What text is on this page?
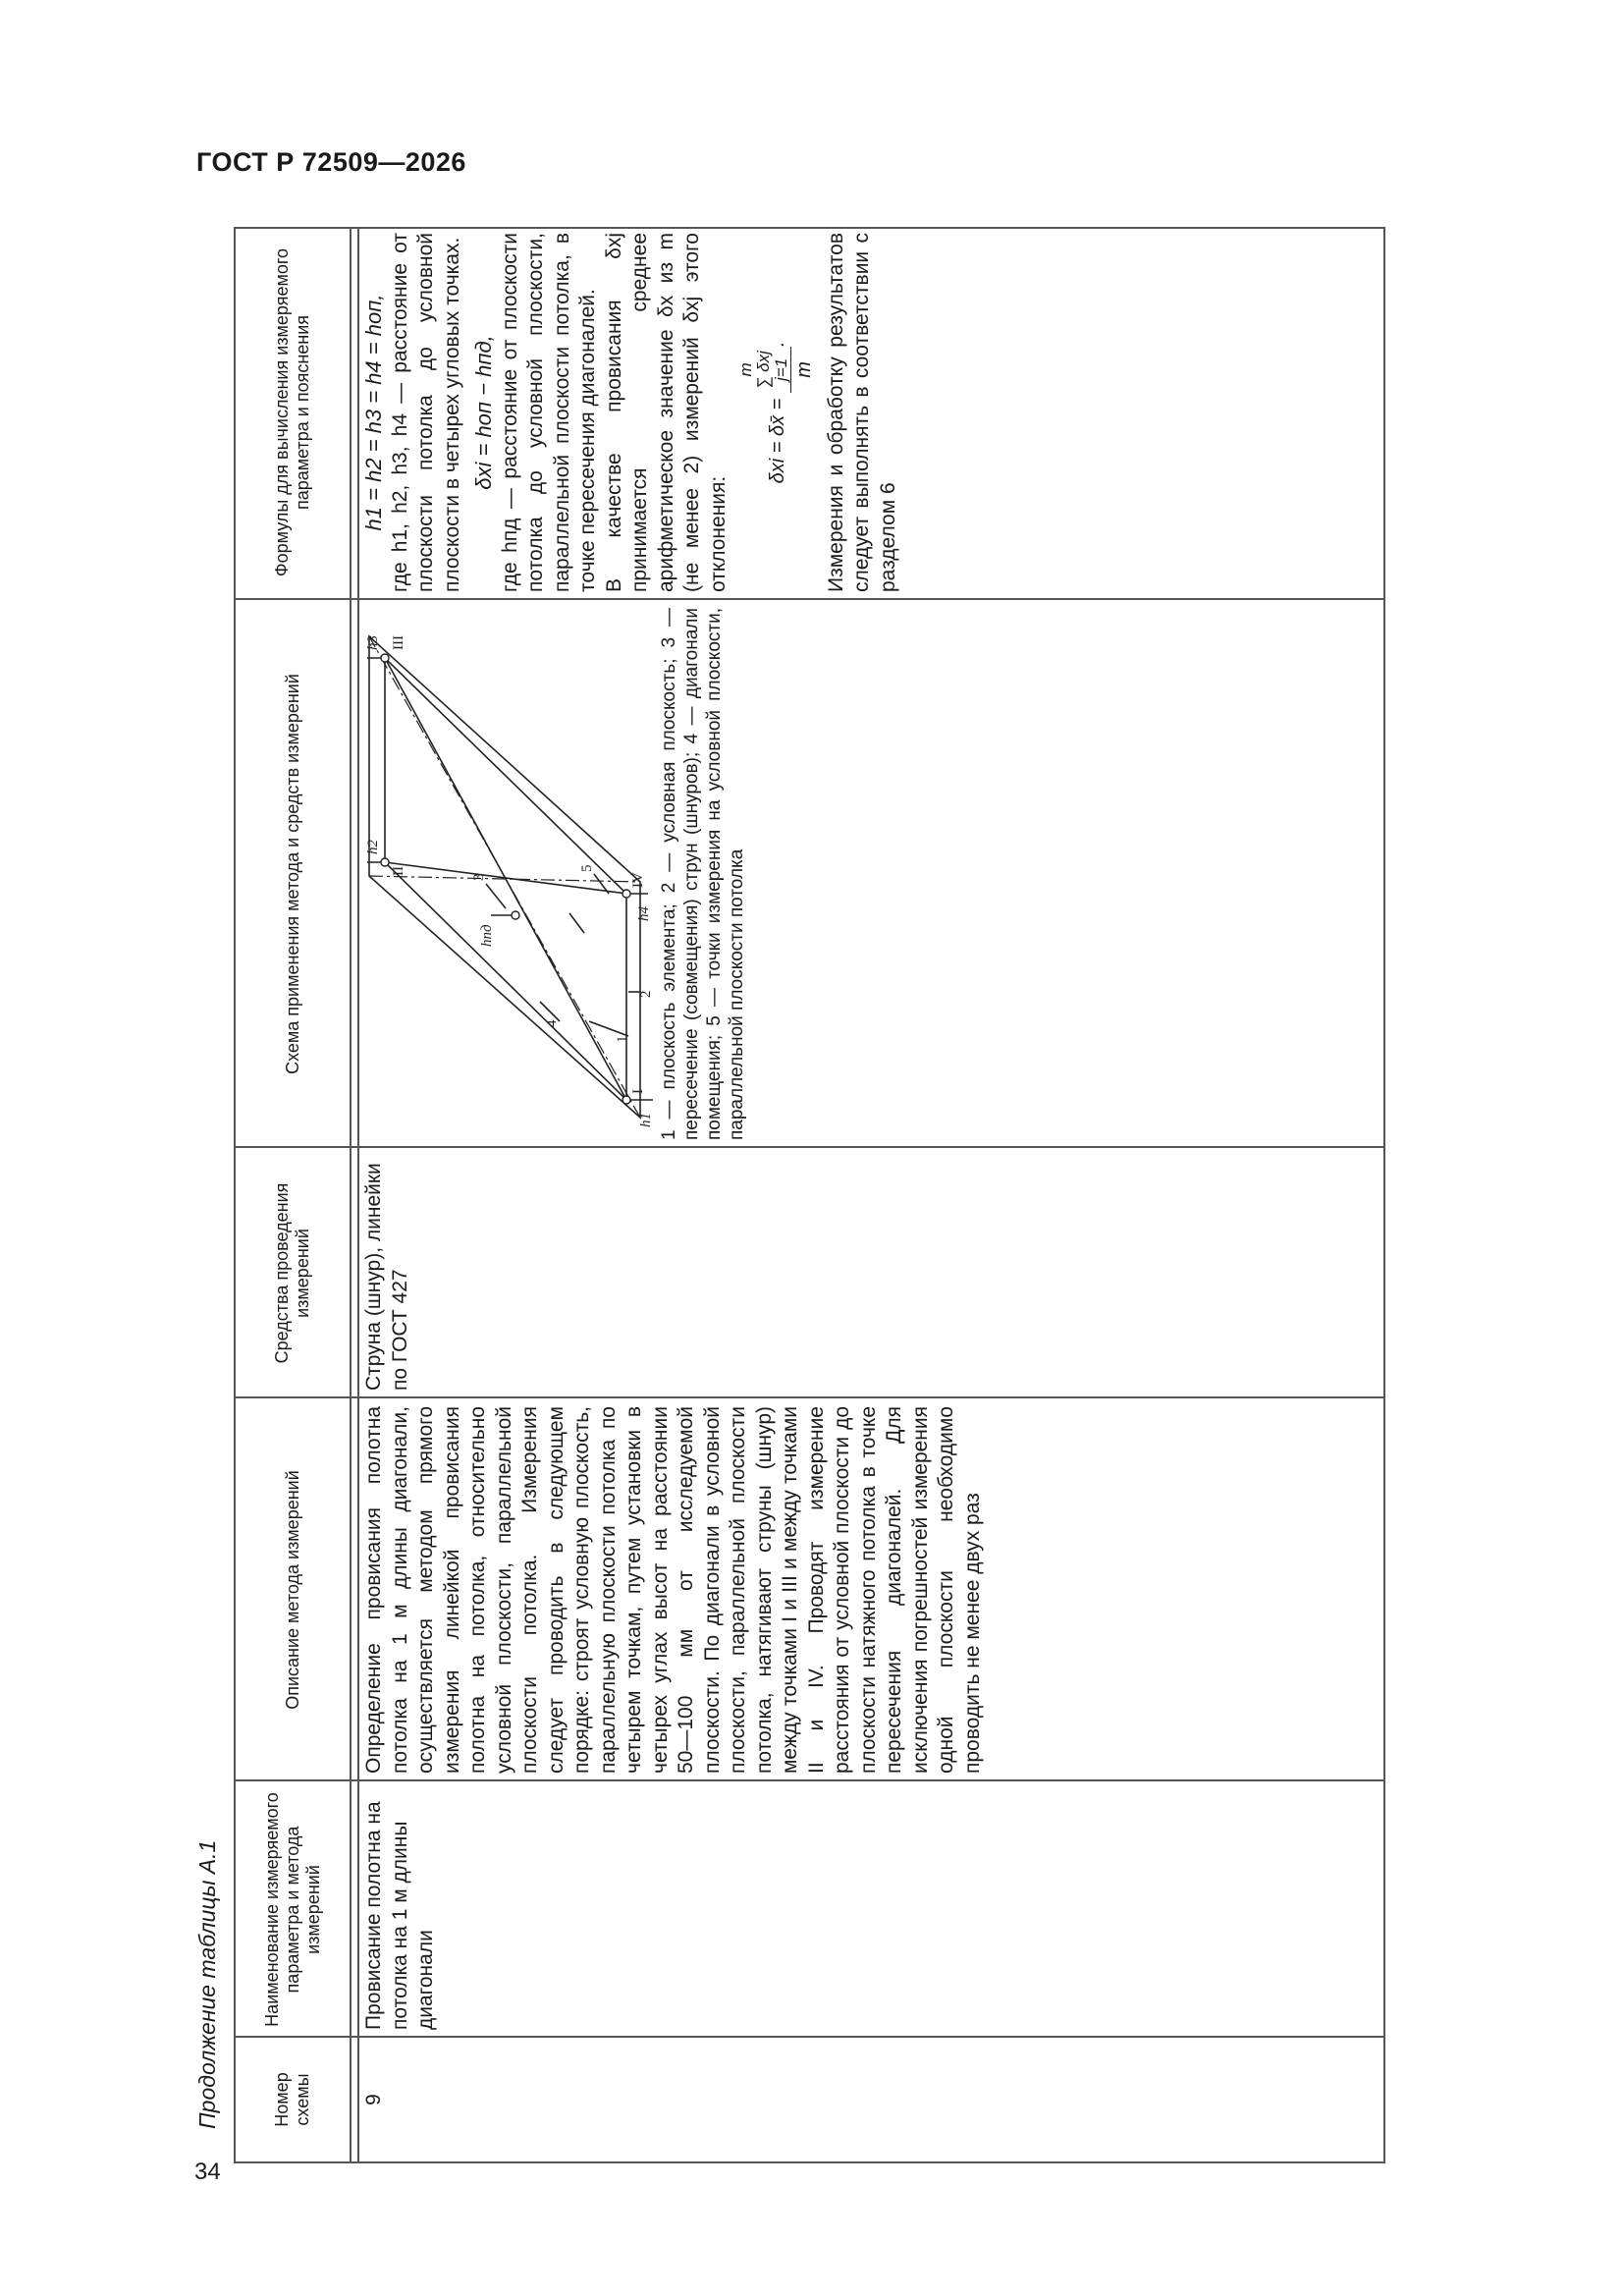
ГОСТ Р 72509—2026
34
Продолжение таблицы А.1	Номер схемы
Наименование измеряемого параметра и метода измерений
Описание метода измерений
Средства проведения измерений
Схема применения метода и средств измерений
Формулы для вычисления измеряемого параметра и пояснения
9
Провисание полотна на потолка на 1 м длины диагонали
Определение провисания полотна потолка на 1 м длины диагонали, осуществляется методом прямого измерения линейкой провисания полотна на потолка, относительно условной плоскости, параллельной плоскости потолка. Измерения следует проводить в следующем порядке: строят условную плоскость, параллельную плоскости потолка по четырем точкам, путем установки в четырех углах высот на расстоянии 50—100 мм от исследуемой плоскости. По диагонали в условной плоскости, параллельной плоскости потолка, натягивают струны (шнур) между точками I и III и между точками II и IV. Проводят измерение расстояния от условной плоскости до плоскости натяжного потолка в точке пересечения диагоналей. Для исключения погрешностей измерения одной плоскости необходимо проводить не менее двух раз
Струна (шнур), линейки по ГОСТ 427
h1
h2
h3
h4
hпд
1
2
3
4
5
I
II
III
IV 1 — плоскость элемента; 2 — условная плоскость; 3 — пересечение (совмещения) струн (шнуров); 4 — диагонали помещения; 5 — точки измерения на условной плоскости, параллельной плоскости потолка
h1 = h2 = h3 = h4 = hоп, где h1, h2, h3, h4 — расстояние от плоскости потолка до условной плоскости в четырех угловых точках. δxi = hоп − hпд, где hпд — расстояние от плоскости потолка до условной плоскости, параллельной плоскости потолка, в точке пересечения диагоналей. В качестве провисания δxj принимается среднее арифметическое значение δx из m (не менее 2) измерений δxj этого отклонения:
δxi = δx̄ =
m
∑ δxj
j=1 m
. Измерения и обработку результатов следует выполнять в соответствии с разделом 6
